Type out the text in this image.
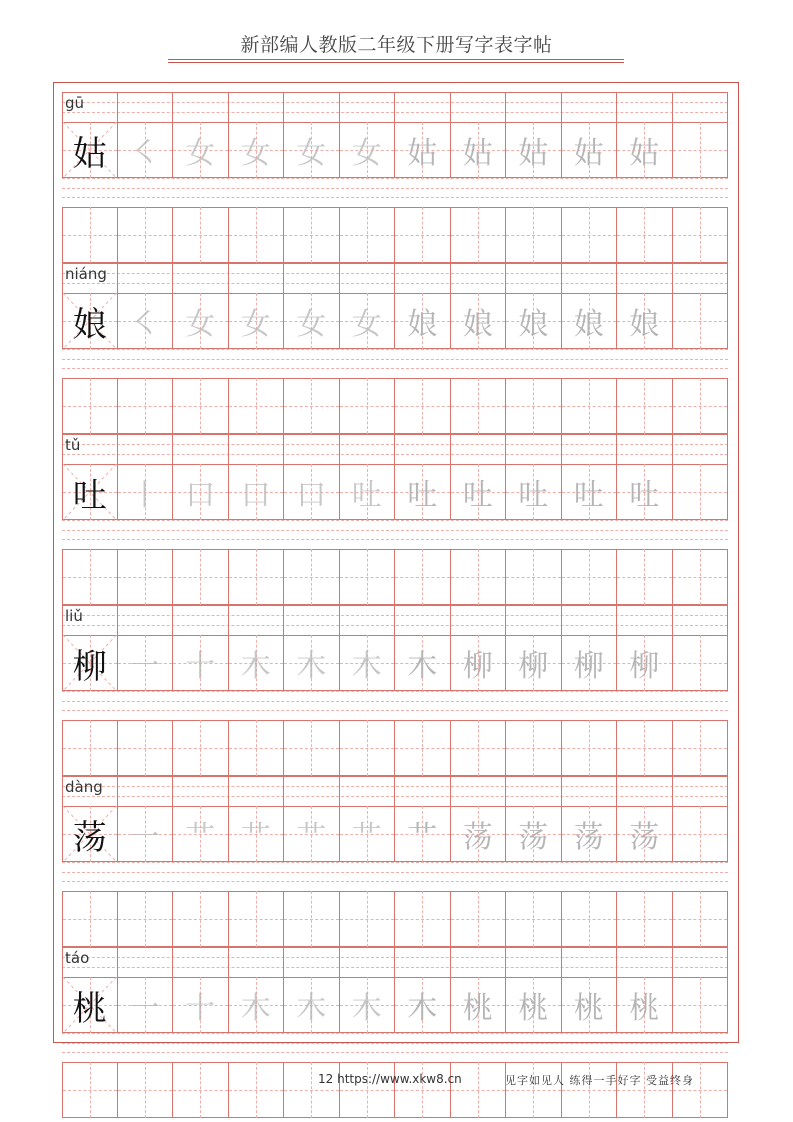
新部编人教版二年级下册写字表字帖
gū
姑 ㇛ 女 女 女 女 姑 姑 姑 姑 姑
niáng
娘 ㇛ 女 女 女 女 娘 娘 娘 娘 娘
tǔ
吐 丨 口 口 口 吐 吐 吐 吐 吐 吐
liǔ
柳 一 十 木 木 木 木 柳 柳 柳 柳
dàng
荡 一 艹 艹 艹 艹 艹 荡 荡 荡 荡
táo
桃 一 十 木 木 木 木 桃 桃 桃 桃
12 https://www.xkw8.cn	见字如见人 练得一手好字 受益终身
